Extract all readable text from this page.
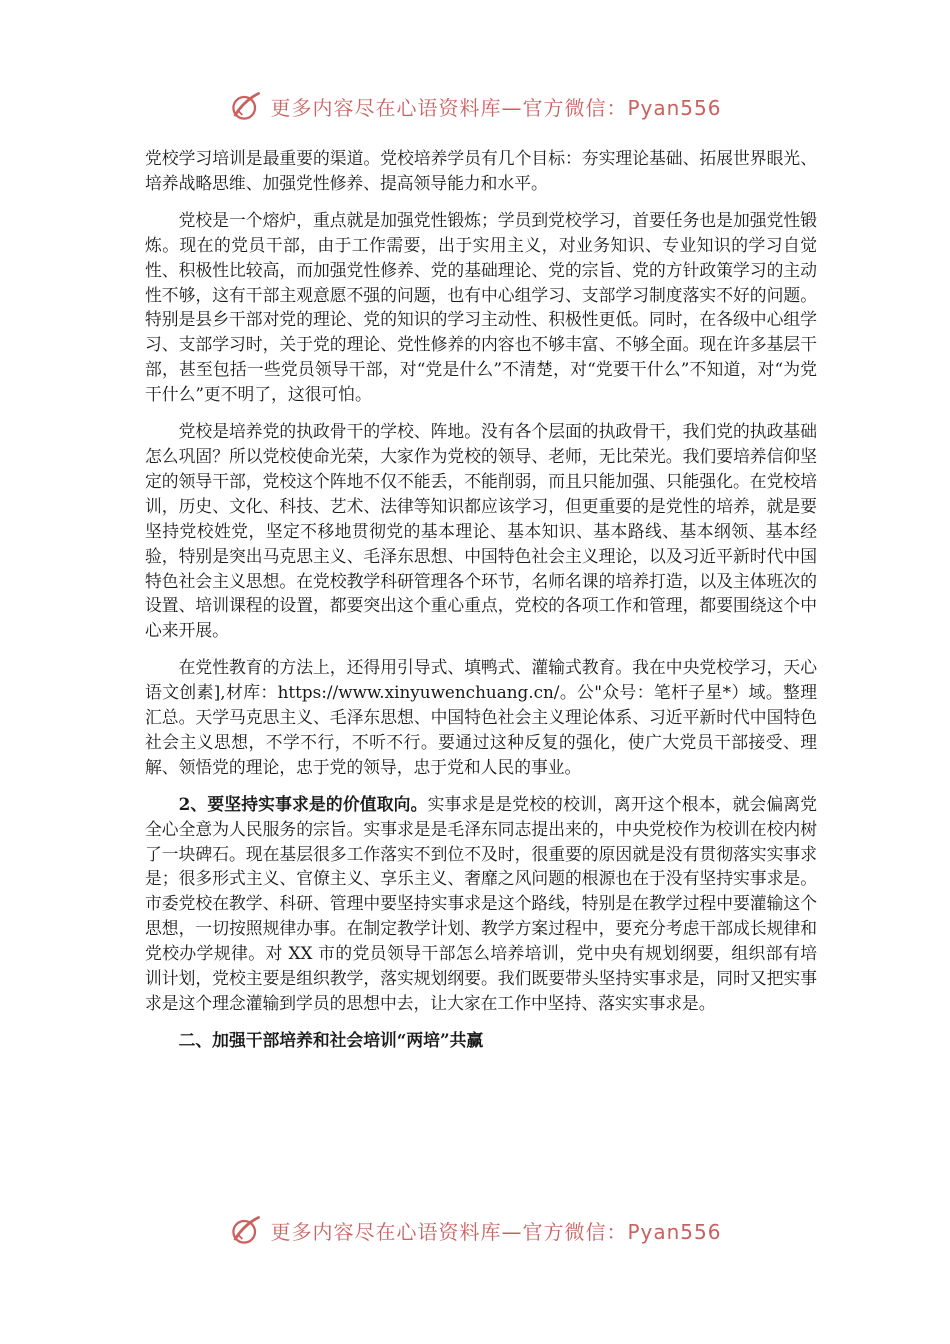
更多内容尽在心语资料库—官方微信：Pyan556

党校学习培训是最重要的渠道。党校培养学员有几个目标：夯实理论基础、拓展世界眼光、培养战略思维、加强党性修养、提高领导能力和水平。

党校是一个熔炉，重点就是加强党性锻炼；学员到党校学习，首要任务也是加强党性锻炼。现在的党员干部，由于工作需要，出于实用主义，对业务知识、专业知识的学习自觉性、积极性比较高，而加强党性修养、党的基础理论、党的宗旨、党的方针政策学习的主动性不够，这有干部主观意愿不强的问题，也有中心组学习、支部学习制度落实不好的问题。特别是县乡干部对党的理论、党的知识的学习主动性、积极性更低。同时，在各级中心组学习、支部学习时，关于党的理论、党性修养的内容也不够丰富、不够全面。现在许多基层干部，甚至包括一些党员领导干部，对“党是什么”不清楚，对“党要干什么”不知道，对“为党干什么”更不明了，这很可怕。

党校是培养党的执政骨干的学校、阵地。没有各个层面的执政骨干，我们党的执政基础怎么巩固？所以党校使命光荣，大家作为党校的领导、老师，无比荣光。我们要培养信仰坚定的领导干部，党校这个阵地不仅不能丢，不能削弱，而且只能加强、只能强化。在党校培训，历史、文化、科技、艺术、法律等知识都应该学习，但更重要的是党性的培养，就是要坚持党校姓党，坚定不移地贯彻党的基本理论、基本知识、基本路线、基本纲领、基本经验，特别是突出马克思主义、毛泽东思想、中国特色社会主义理论，以及习近平新时代中国特色社会主义思想。在党校教学科研管理各个环节，名师名课的培养打造，以及主体班次的设置、培训课程的设置，都要突出这个重心重点，党校的各项工作和管理，都要围绕这个中心来开展。

在党性教育的方法上，还得用引导式、填鸭式、灌输式教育。我在中央党校学习，天心语文创素],材库：https://www.xinyuwenchuang.cn/。公"众号：笔杆子星*）域。整理汇总。天学马克思主义、毛泽东思想、中国特色社会主义理论体系、习近平新时代中国特色社会主义思想，不学不行，不听不行。要通过这种反复的强化，使广大党员干部接受、理解、领悟党的理论，忠于党的领导，忠于党和人民的事业。

2、要坚持实事求是的价值取向。实事求是是党校的校训，离开这个根本，就会偏离党全心全意为人民服务的宗旨。实事求是是毛泽东同志提出来的，中央党校作为校训在校内树了一块碑石。现在基层很多工作落实不到位不及时，很重要的原因就是没有贯彻落实实事求是；很多形式主义、官僚主义、享乐主义、奢靡之风问题的根源也在于没有坚持实事求是。市委党校在教学、科研、管理中要坚持实事求是这个路线，特别是在教学过程中要灌输这个思想，一切按照规律办事。在制定教学计划、教学方案过程中，要充分考虑干部成长规律和党校办学规律。对 XX 市的党员领导干部怎么培养培训，党中央有规划纲要，组织部有培训计划，党校主要是组织教学，落实规划纲要。我们既要带头坚持实事求是，同时又把实事求是这个理念灌输到学员的思想中去，让大家在工作中坚持、落实实事求是。

二、加强干部培养和社会培训“两培”共赢

更多内容尽在心语资料库—官方微信：Pyan556
